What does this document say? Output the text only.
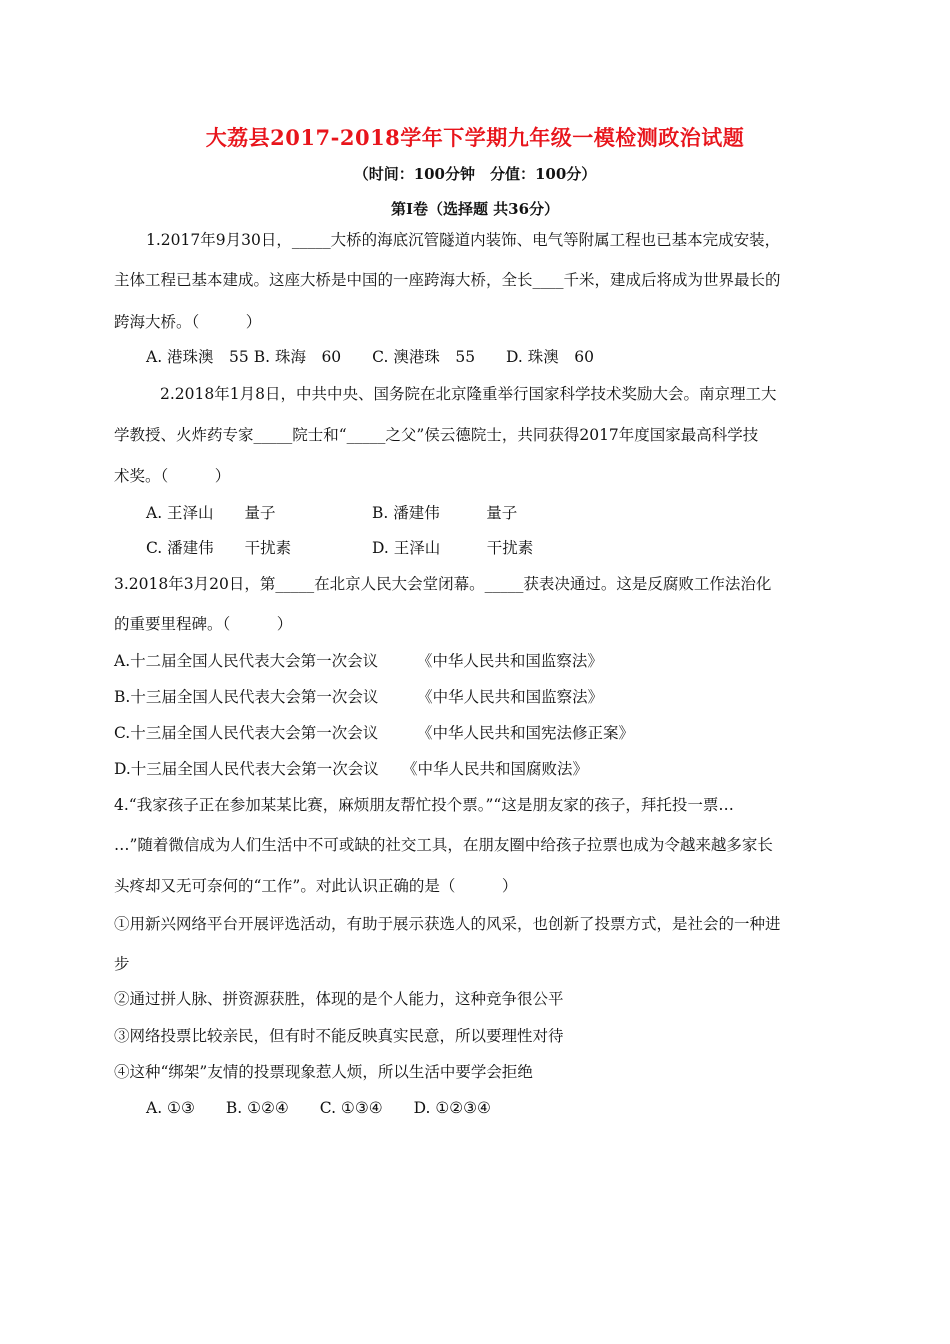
大荔县2017-2018学年下学期九年级一模检测政治试题
（时间：100分钟　分值：100分）
第Ⅰ卷（选择题 共36分）
1.2017年9月30日，_____大桥的海底沉管隧道内装饰、电气等附属工程也已基本完成安装，
主体工程已基本建成。这座大桥是中国的一座跨海大桥，全长____千米，建成后将成为世界最长的
跨海大桥。（　　　）
A. 港珠澳　55 B. 珠海　60　　C. 澳港珠　55　　D. 珠澳　60
2.2018年1月8日，中共中央、国务院在北京隆重举行国家科学技术奖励大会。南京理工大
学教授、火炸药专家_____院士和“_____之父”侯云德院士，共同获得2017年度国家最高科学技
术奖。（　　　）
A. 王泽山　　量子	B. 潘建伟　　　量子
C. 潘建伟　　干扰素	D. 王泽山　　　干扰素
3.2018年3月20日，第_____在北京人民大会堂闭幕。_____获表决通过。这是反腐败工作法治化
的重要里程碑。（　　　）
A.十二届全国人民代表大会第一次会议　　　《中华人民共和国监察法》
B.十三届全国人民代表大会第一次会议　　　《中华人民共和国监察法》
C.十三届全国人民代表大会第一次会议　　　《中华人民共和国宪法修正案》
D.十三届全国人民代表大会第一次会议　　《中华人民共和国腐败法》
4.“我家孩子正在参加某某比赛，麻烦朋友帮忙投个票。”“这是朋友家的孩子，拜托投一票…
…”随着微信成为人们生活中不可或缺的社交工具，在朋友圈中给孩子拉票也成为令越来越多家长
头疼却又无可奈何的“工作”。对此认识正确的是（　　　）
①用新兴网络平台开展评选活动，有助于展示获选人的风采，也创新了投票方式，是社会的一种进
步
②通过拼人脉、拼资源获胜，体现的是个人能力，这种竞争很公平
③网络投票比较亲民，但有时不能反映真实民意，所以要理性对待
④这种“绑架”友情的投票现象惹人烦，所以生活中要学会拒绝
A. ①③　　B. ①②④　　C. ①③④　　D. ①②③④
